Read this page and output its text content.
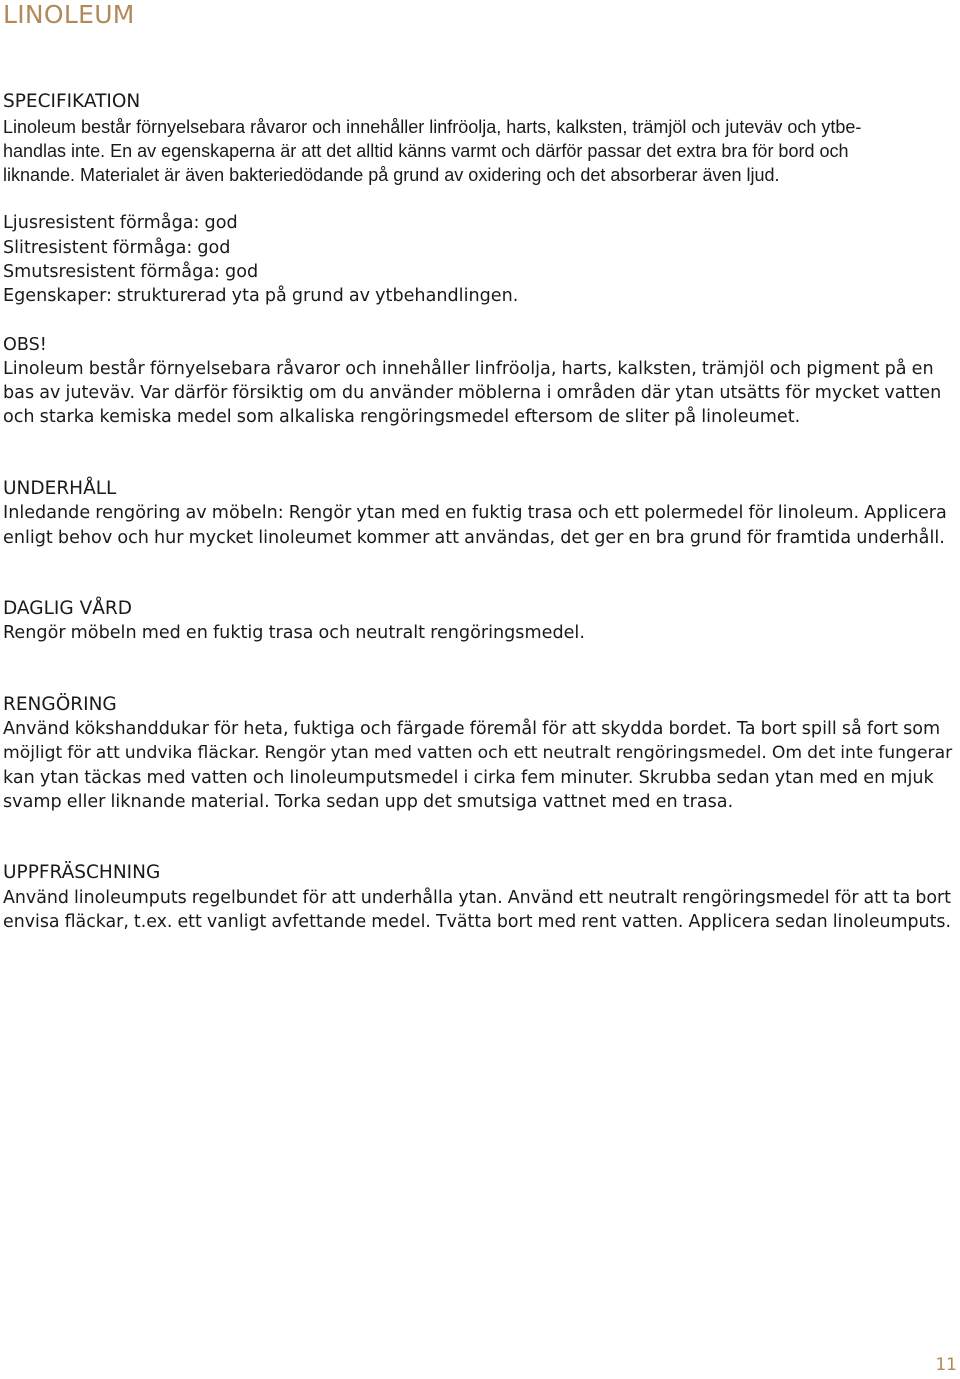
LINOLEUM
SPECIFIKATION

Linoleum består förnyelsebara råvaror och innehåller linfröolja, harts, kalksten, trämjöl och juteväv och ytbe-
handlas inte. En av egenskaperna är att det alltid känns varmt och därför passar det extra bra för bord och
liknande. Materialet är även bakteriedödande på grund av oxidering och det absorberar även ljud.

Ljusresistent förmåga: god
Slitresistent förmåga: god
Smutsresistent förmåga: god
Egenskaper: strukturerad yta på grund av ytbehandlingen.

OBS!
Linoleum består förnyelsebara råvaror och innehåller linfröolja, harts, kalksten, trämjöl och pigment på en
bas av juteväv. Var därför försiktig om du använder möblerna i områden där ytan utsätts för mycket vatten
och starka kemiska medel som alkaliska rengöringsmedel eftersom de sliter på linoleumet.

UNDERHÅLL

Inledande rengöring av möbeln: Rengör ytan med en fuktig trasa och ett polermedel för linoleum. Applicera
enligt behov och hur mycket linoleumet kommer att användas, det ger en bra grund för framtida underhåll.

DAGLIG VÅRD

Rengör möbeln med en fuktig trasa och neutralt rengöringsmedel.

RENGÖRING

Använd kökshanddukar för heta, fuktiga och färgade föremål för att skydda bordet. Ta bort spill så fort som
möjligt för att undvika fläckar. Rengör ytan med vatten och ett neutralt rengöringsmedel. Om det inte fungerar
kan ytan täckas med vatten och linoleumputsmedel i cirka fem minuter. Skrubba sedan ytan med en mjuk
svamp eller liknande material. Torka sedan upp det smutsiga vattnet med en trasa.

UPPFRÄSCHNING

Använd linoleumputs regelbundet för att underhålla ytan. Använd ett neutralt rengöringsmedel för att ta bort
envisa fläckar, t.ex. ett vanligt avfettande medel. Tvätta bort med rent vatten. Applicera sedan linoleumputs.

11
